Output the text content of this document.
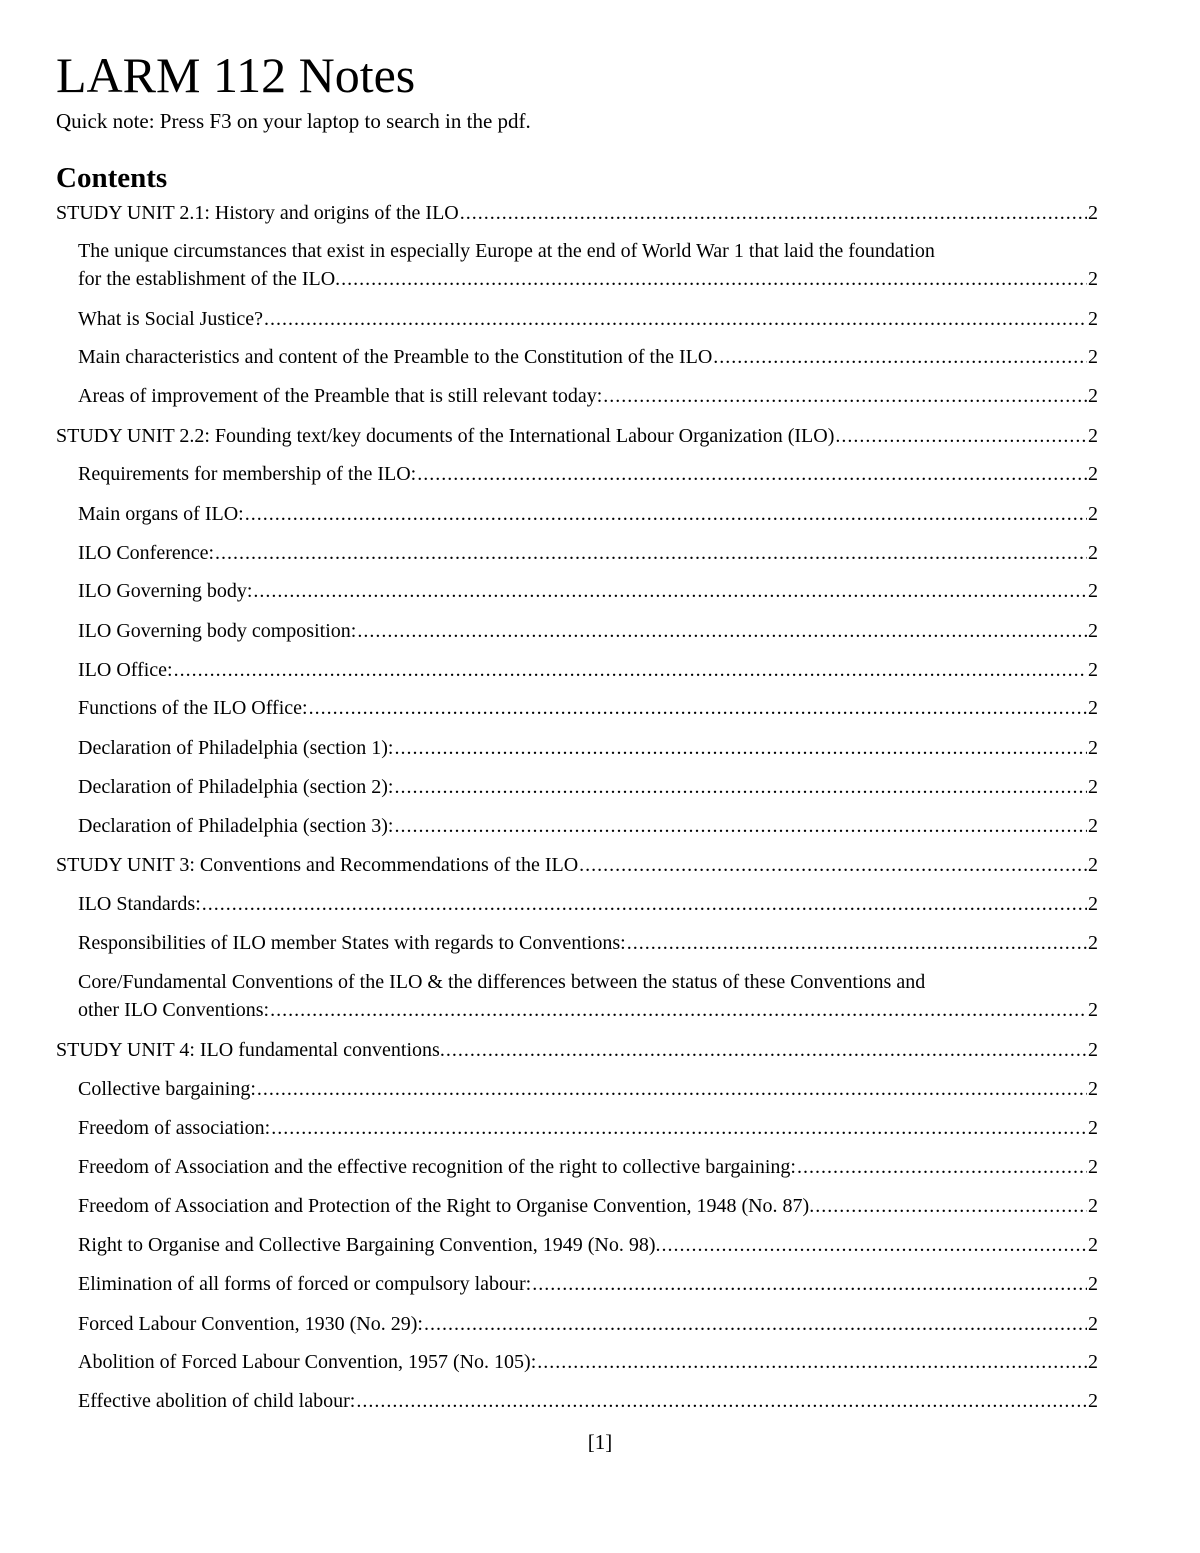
LARM 112 Notes
Quick note: Press F3 on your laptop to search in the pdf.
Contents
STUDY UNIT 2.1: History and origins of the ILO .....	2
The unique circumstances that exist in especially Europe at the end of World War 1 that laid the foundation
for the establishment of the ILO. .....	2
What is Social Justice? .....	2
Main characteristics and content of the Preamble to the Constitution of the ILO .....	2
Areas of improvement of the Preamble that is still relevant today: .....	2
STUDY UNIT 2.2: Founding text/key documents of the International Labour Organization (ILO) .....	2
Requirements for membership of the ILO: .....	2
Main organs of ILO: .....	2
ILO Conference: .....	2
ILO Governing body: .....	2
ILO Governing body composition: .....	2
ILO Office: .....	2
Functions of the ILO Office: .....	2
Declaration of Philadelphia (section 1): .....	2
Declaration of Philadelphia (section 2): .....	2
Declaration of Philadelphia (section 3): .....	2
STUDY UNIT 3: Conventions and Recommendations of the ILO .....	2
ILO Standards: .....	2
Responsibilities of ILO member States with regards to Conventions: .....	2
Core/Fundamental Conventions of the ILO & the differences between the status of these Conventions and
other ILO Conventions: .....	2
STUDY UNIT 4: ILO fundamental conventions. .....	2
Collective bargaining: .....	2
Freedom of association: .....	2
Freedom of Association and the effective recognition of the right to collective bargaining: .....	2
Freedom of Association and Protection of the Right to Organise Convention, 1948 (No. 87). .....	2
Right to Organise and Collective Bargaining Convention, 1949 (No. 98). .....	2
Elimination of all forms of forced or compulsory labour: .....	2
Forced Labour Convention, 1930 (No. 29): .....	2
Abolition of Forced Labour Convention, 1957 (No. 105): .....	2
Effective abolition of child labour: .....	2
[1]
